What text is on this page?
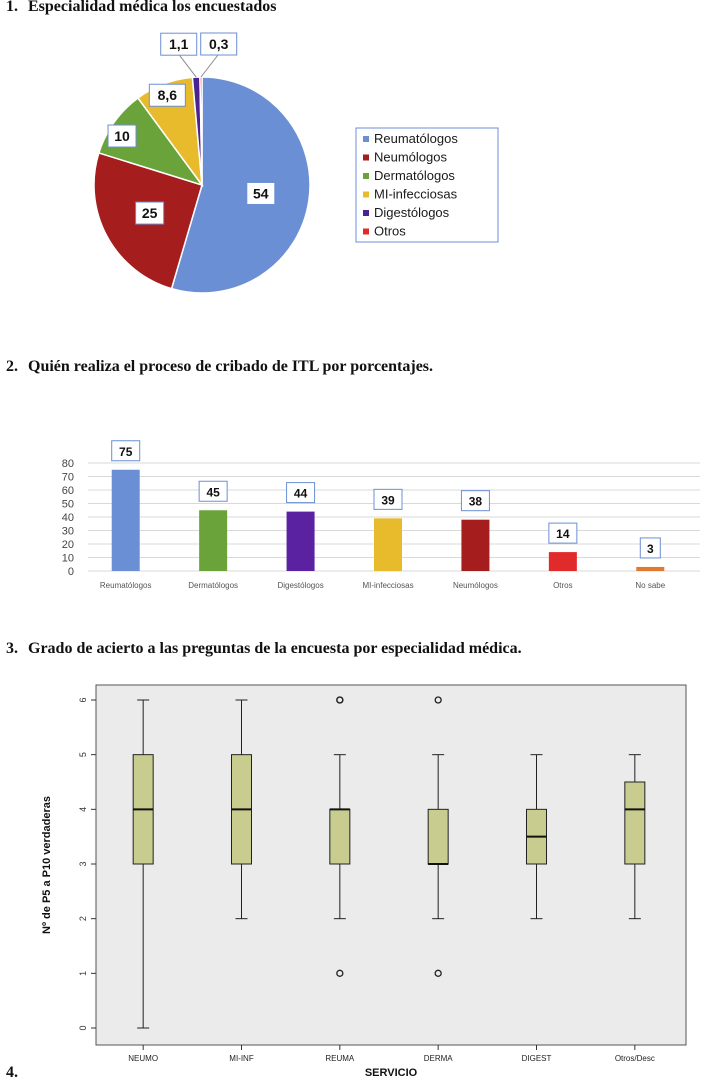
1. Especialidad médica los encuestados
54
25
10
8,6
1,1 0,3
Reumatólogos
Neumólogos
Dermatólogos
MI-infecciosas
Digestólogos
Otros
2. Quién realiza el proceso de cribado de ITL por porcentajes.
0
10
20
30
40
50
60
70
80
75
45	44	39	38
14
3
Reumatólogos	Dermatólogos	Digestólogos	MI-infecciosas	Neumólogos	Otros	No sabe
3. Grado de acierto a las preguntas de la encuesta por especialidad médica.
0
1
2
3
4
5
6
NEUMO	MI-INF	REUMA	DERMA	DIGEST	Otros/Desc
Nº de P5 a P10 verdaderas
SERVICIO
4.
